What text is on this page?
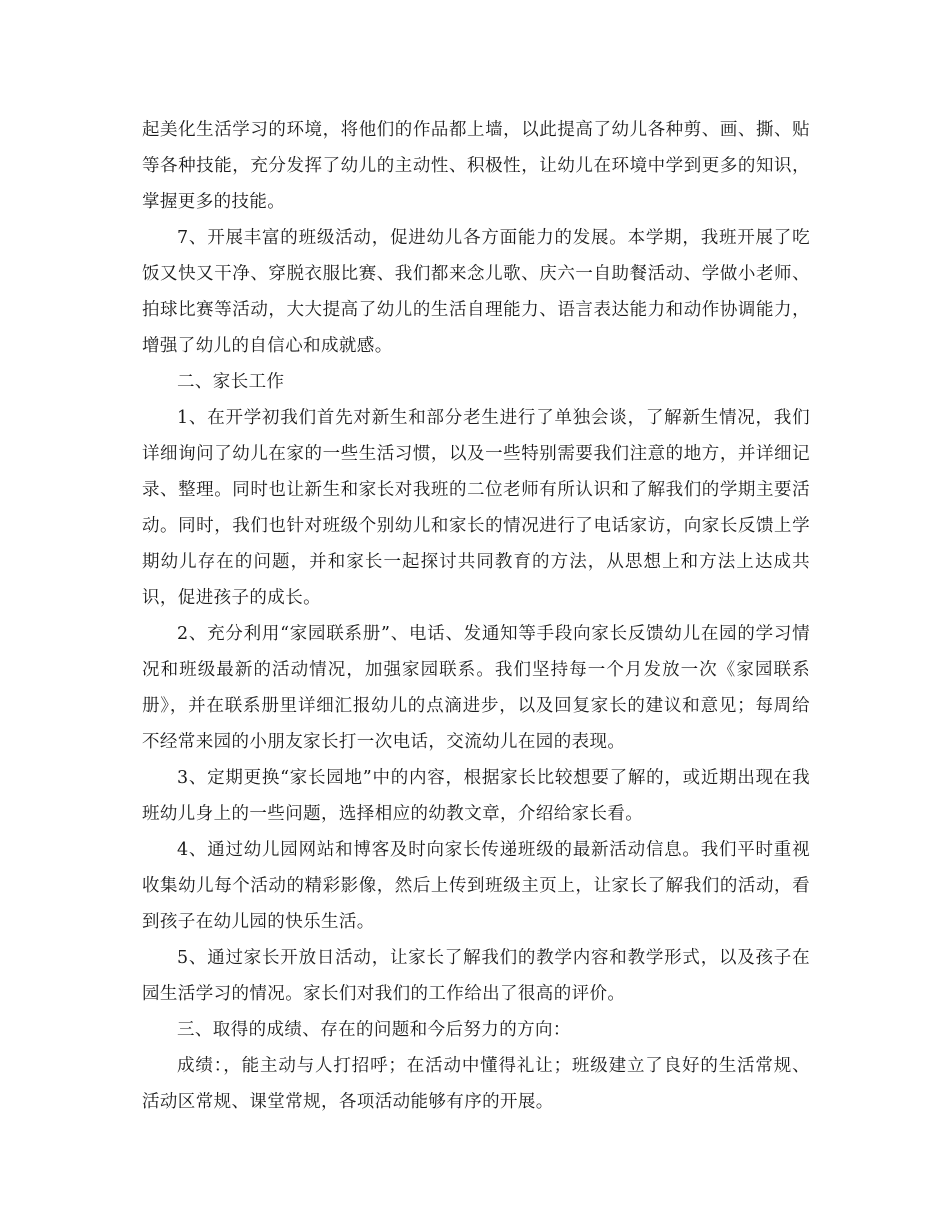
起美化生活学习的环境，将他们的作品都上墙，以此提高了幼儿各种剪、画、撕、贴等各种技能，充分发挥了幼儿的主动性、积极性，让幼儿在环境中学到更多的知识，掌握更多的技能。

7、开展丰富的班级活动，促进幼儿各方面能力的发展。本学期，我班开展了吃饭又快又干净、穿脱衣服比赛、我们都来念儿歌、庆六一自助餐活动、学做小老师、拍球比赛等活动，大大提高了幼儿的生活自理能力、语言表达能力和动作协调能力，增强了幼儿的自信心和成就感。

二、家长工作

1、在开学初我们首先对新生和部分老生进行了单独会谈，了解新生情况，我们详细询问了幼儿在家的一些生活习惯，以及一些特别需要我们注意的地方，并详细记录、整理。同时也让新生和家长对我班的二位老师有所认识和了解我们的学期主要活动。同时，我们也针对班级个别幼儿和家长的情况进行了电话家访，向家长反馈上学期幼儿存在的问题，并和家长一起探讨共同教育的方法，从思想上和方法上达成共识，促进孩子的成长。

2、充分利用“家园联系册”、电话、发通知等手段向家长反馈幼儿在园的学习情况和班级最新的活动情况，加强家园联系。我们坚持每一个月发放一次《家园联系册》，并在联系册里详细汇报幼儿的点滴进步，以及回复家长的建议和意见；每周给不经常来园的小朋友家长打一次电话，交流幼儿在园的表现。

3、定期更换“家长园地”中的内容，根据家长比较想要了解的，或近期出现在我班幼儿身上的一些问题，选择相应的幼教文章，介绍给家长看。

4、通过幼儿园网站和博客及时向家长传递班级的最新活动信息。我们平时重视收集幼儿每个活动的精彩影像，然后上传到班级主页上，让家长了解我们的活动，看到孩子在幼儿园的快乐生活。

5、通过家长开放日活动，让家长了解我们的教学内容和教学形式，以及孩子在园生活学习的情况。家长们对我们的工作给出了很高的评价。

三、取得的成绩、存在的问题和今后努力的方向：

成绩：，能主动与人打招呼；在活动中懂得礼让；班级建立了良好的生活常规、活动区常规、课堂常规，各项活动能够有序的开展。
